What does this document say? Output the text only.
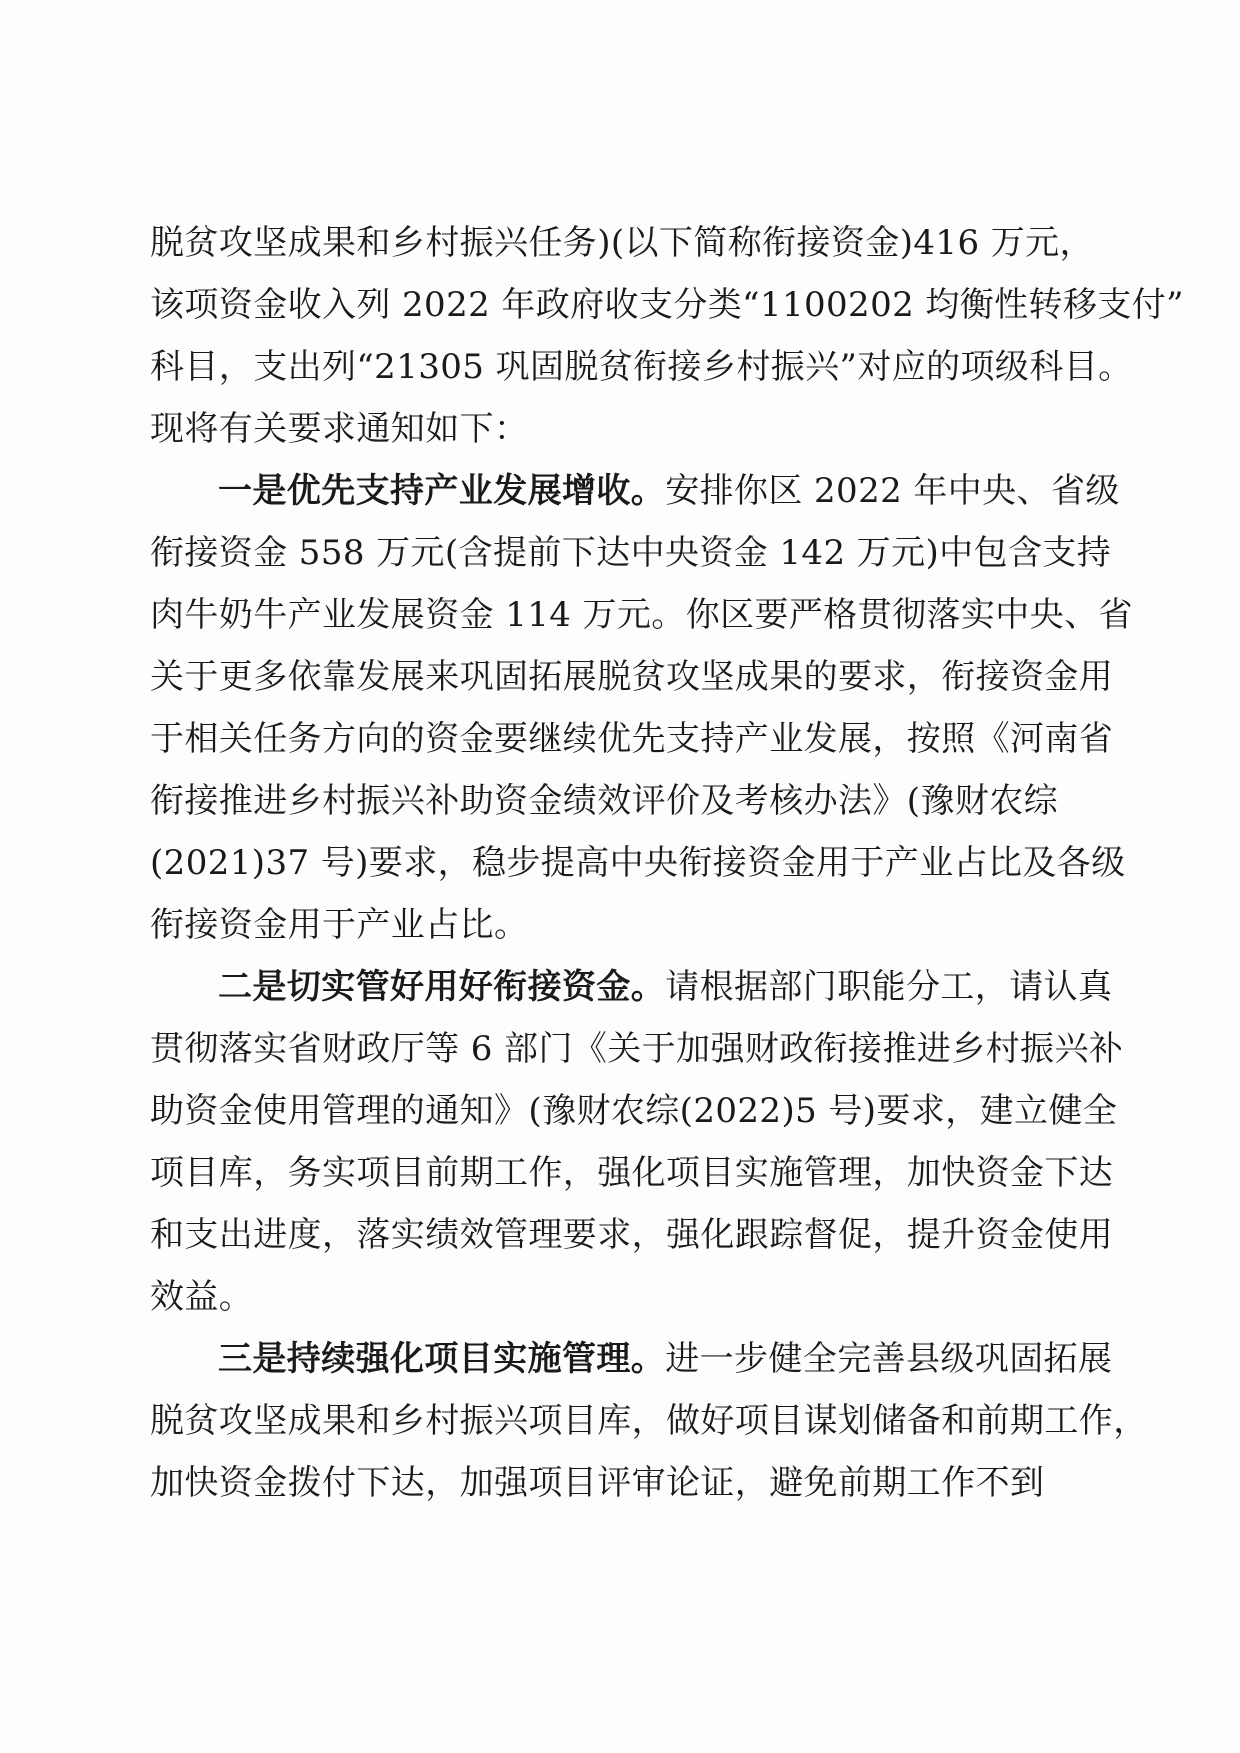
脱贫攻坚成果和乡村振兴任务)(以下简称衔接资金)416 万元，
该项资金收入列 2022 年政府收支分类“1100202 均衡性转移支付”
科目，支出列“21305 巩固脱贫衔接乡村振兴”对应的项级科目。
现将有关要求通知如下：
一是优先支持产业发展增收。安排你区 2022 年中央、省级
衔接资金 558 万元(含提前下达中央资金 142 万元)中包含支持
肉牛奶牛产业发展资金 114 万元。你区要严格贯彻落实中央、省
关于更多依靠发展来巩固拓展脱贫攻坚成果的要求，衔接资金用
于相关任务方向的资金要继续优先支持产业发展，按照《河南省
衔接推进乡村振兴补助资金绩效评价及考核办法》(豫财农综
(2021)37 号)要求，稳步提高中央衔接资金用于产业占比及各级
衔接资金用于产业占比。
二是切实管好用好衔接资金。请根据部门职能分工，请认真
贯彻落实省财政厅等 6 部门《关于加强财政衔接推进乡村振兴补
助资金使用管理的通知》(豫财农综(2022)5 号)要求，建立健全
项目库，务实项目前期工作，强化项目实施管理，加快资金下达
和支出进度，落实绩效管理要求，强化跟踪督促，提升资金使用
效益。
三是持续强化项目实施管理。进一步健全完善县级巩固拓展
脱贫攻坚成果和乡村振兴项目库，做好项目谋划储备和前期工作，
加快资金拨付下达，加强项目评审论证，避免前期工作不到
